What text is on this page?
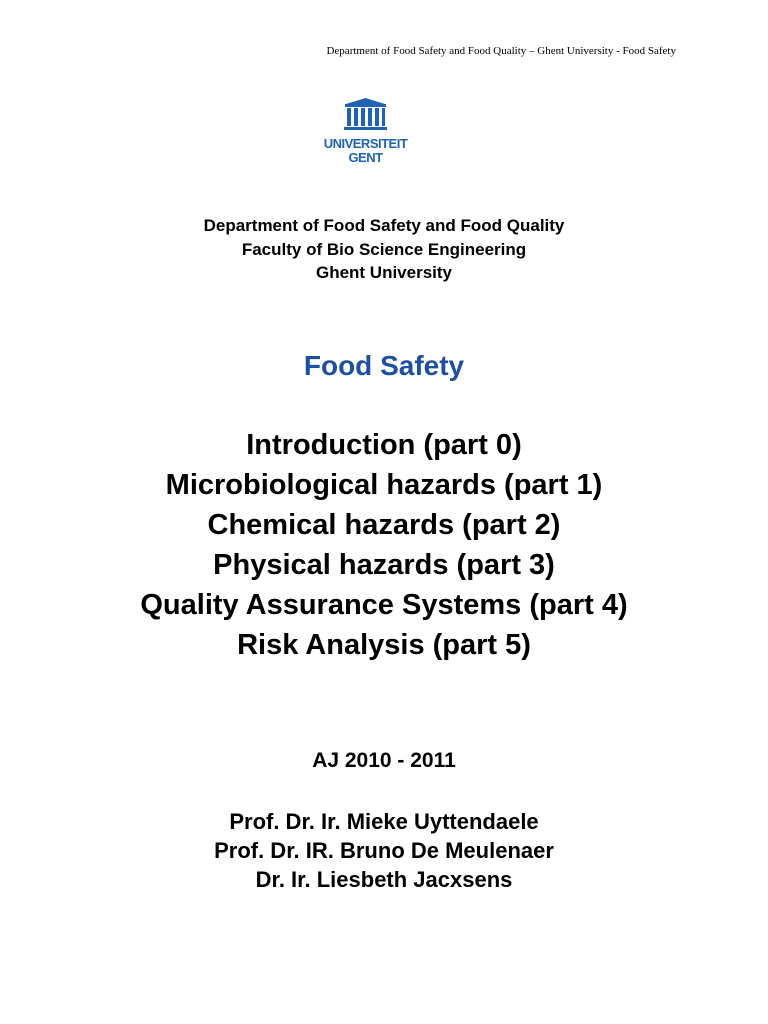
Department of Food Safety and Food Quality – Ghent University - Food Safety
UNIVERSITEIT
GENT
Department of Food Safety and Food Quality
Faculty of Bio Science Engineering
Ghent University
Food Safety
Introduction (part 0)
Microbiological hazards (part 1)
Chemical hazards (part 2)
Physical hazards (part 3)
Quality Assurance Systems (part 4)
Risk Analysis (part 5)
AJ 2010 - 2011
Prof. Dr. Ir. Mieke Uyttendaele
Prof. Dr. IR. Bruno De Meulenaer
Dr. Ir. Liesbeth Jacxsens
